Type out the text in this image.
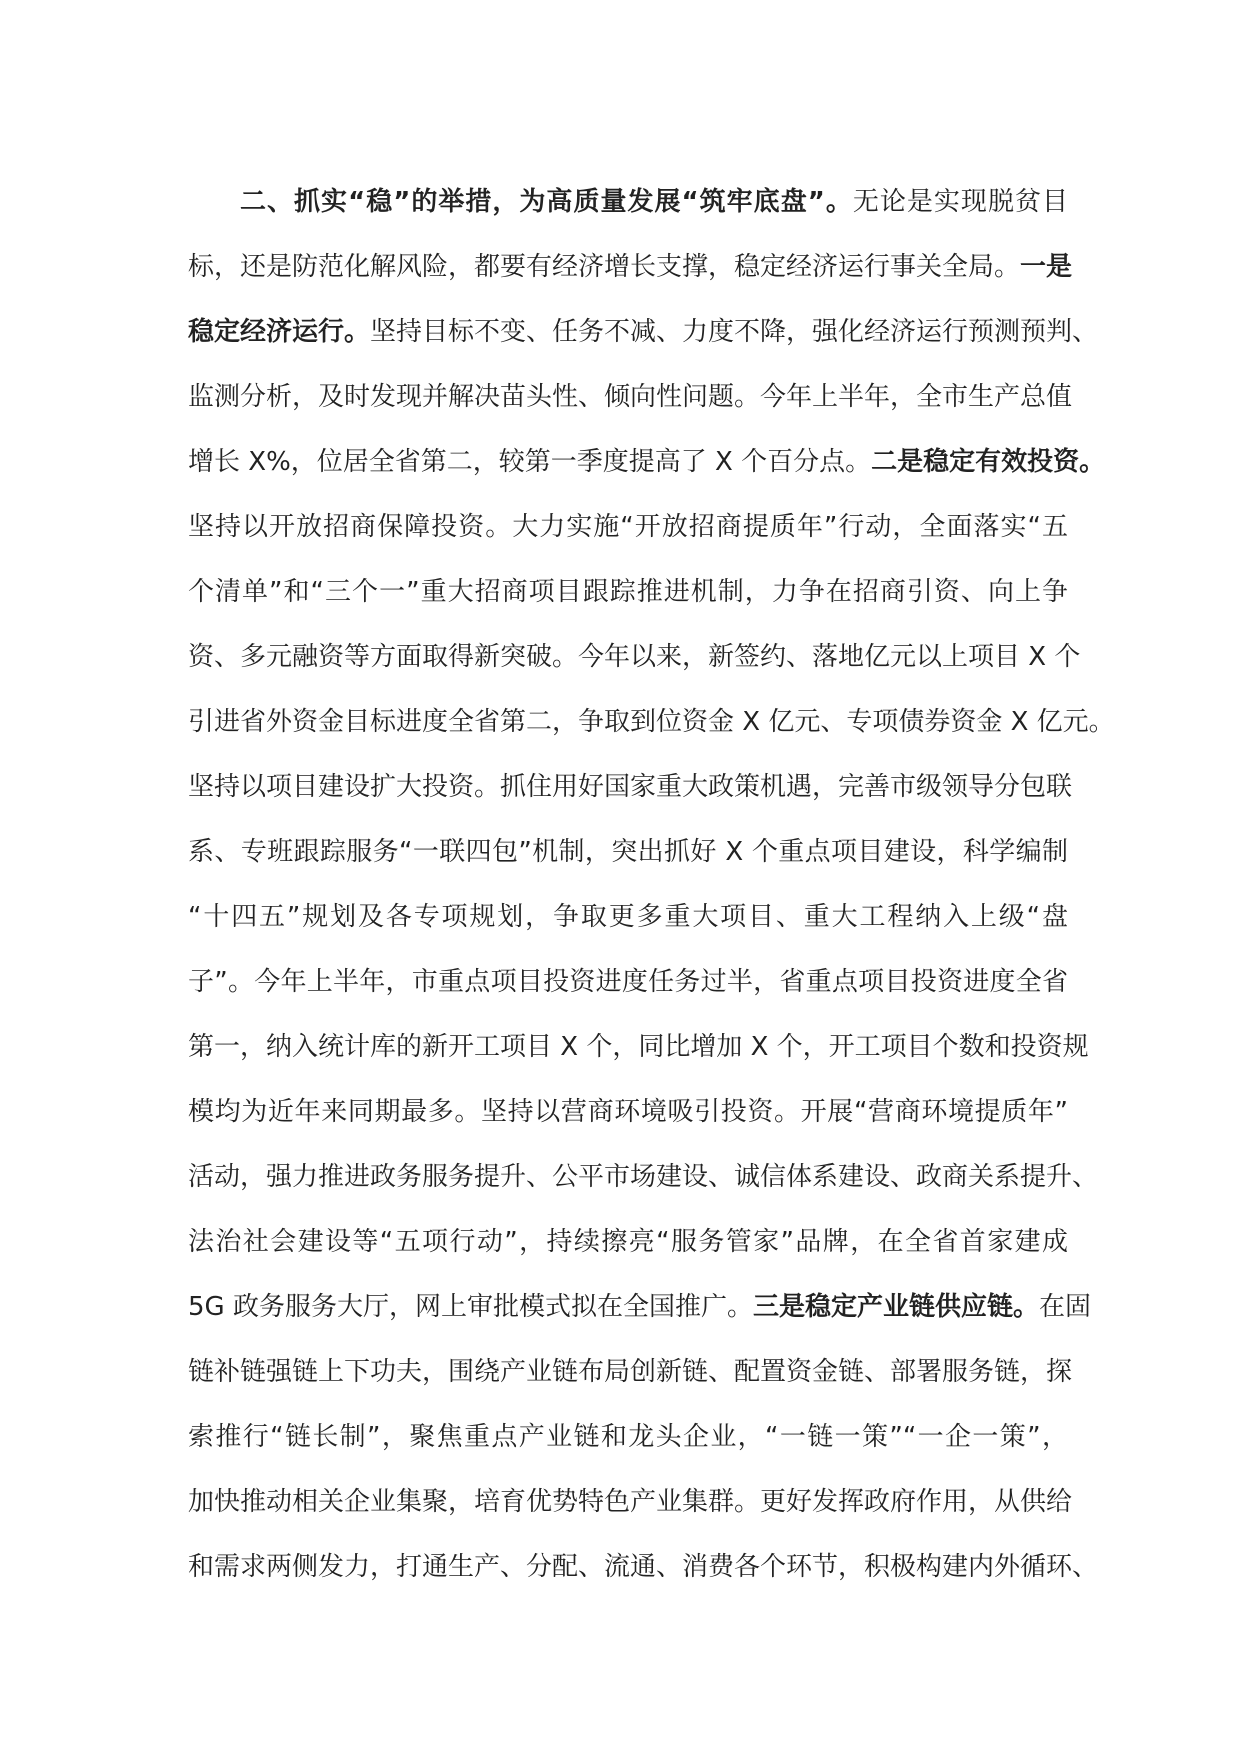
二、抓实“稳”的举措，为高质量发展“筑牢底盘”。无论是实现脱贫目

标，还是防范化解风险，都要有经济增长支撑，稳定经济运行事关全局。一是

稳定经济运行。坚持目标不变、任务不减、力度不降，强化经济运行预测预判、

监测分析，及时发现并解决苗头性、倾向性问题。今年上半年，全市生产总值

增长 X%，位居全省第二，较第一季度提高了 X 个百分点。二是稳定有效投资。

坚持以开放招商保障投资。大力实施“开放招商提质年”行动，全面落实“五

个清单”和“三个一”重大招商项目跟踪推进机制，力争在招商引资、向上争

资、多元融资等方面取得新突破。今年以来，新签约、落地亿元以上项目 X 个

引进省外资金目标进度全省第二，争取到位资金 X 亿元、专项债券资金 X 亿元。

坚持以项目建设扩大投资。抓住用好国家重大政策机遇，完善市级领导分包联

系、专班跟踪服务“一联四包”机制，突出抓好 X 个重点项目建设，科学编制

“十四五”规划及各专项规划，争取更多重大项目、重大工程纳入上级“盘

子”。今年上半年，市重点项目投资进度任务过半，省重点项目投资进度全省

第一，纳入统计库的新开工项目 X 个，同比增加 X 个，开工项目个数和投资规

模均为近年来同期最多。坚持以营商环境吸引投资。开展“营商环境提质年”

活动，强力推进政务服务提升、公平市场建设、诚信体系建设、政商关系提升、

法治社会建设等“五项行动”，持续擦亮“服务管家”品牌，在全省首家建成

5G 政务服务大厅，网上审批模式拟在全国推广。三是稳定产业链供应链。在固

链补链强链上下功夫，围绕产业链布局创新链、配置资金链、部署服务链，探

索推行“链长制”，聚焦重点产业链和龙头企业，“一链一策”“一企一策”，

加快推动相关企业集聚，培育优势特色产业集群。更好发挥政府作用，从供给

和需求两侧发力，打通生产、分配、流通、消费各个环节，积极构建内外循环、
